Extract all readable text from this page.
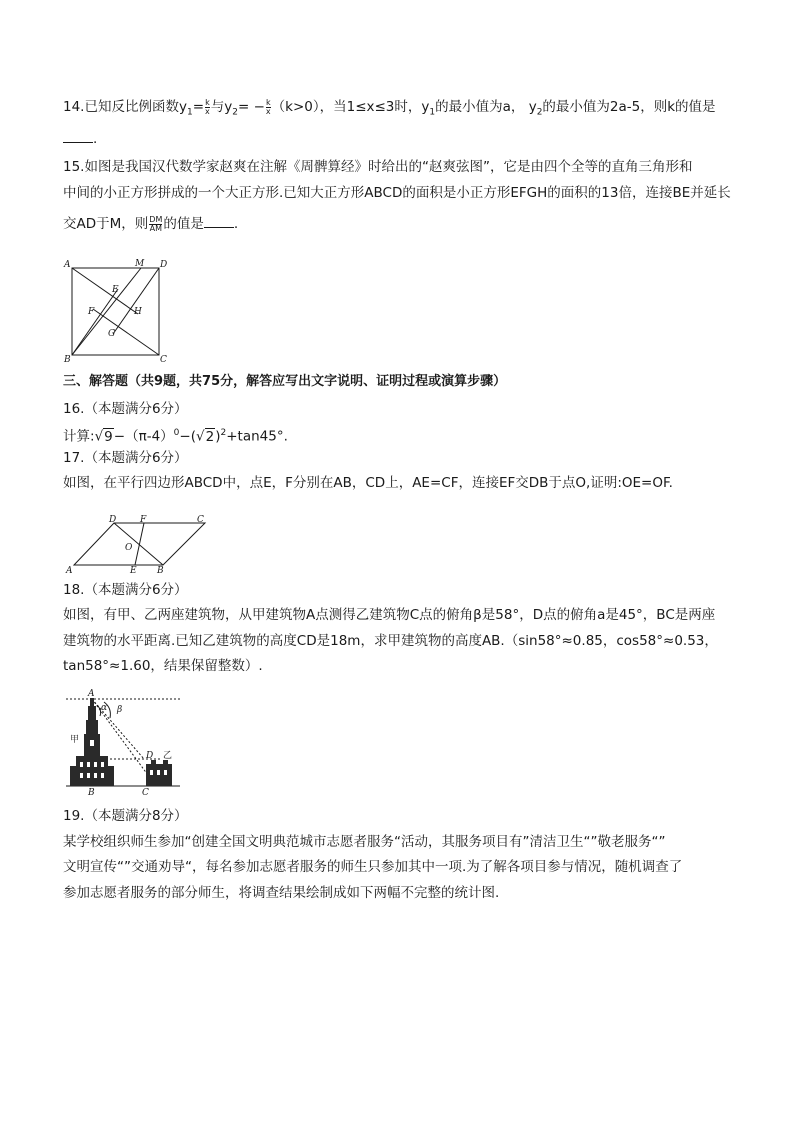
14.已知反比例函数$y_1= \frac{k}{x}$ 与$y_2= - \frac{k}{x} (k>0)$，当1≤x≤3时，$y_1$的最小值为a， $y_2$的最小值为2a-5，则k的值是
.
15.如图是我国汉代数学家赵爽在注解《周髀算经》时给出的“赵爽弦图”，它是由四个全等的直角三角形和
中间的小正方形拼成的一个大正方形.已知大正方形ABCD的面积是小正方形EFGH的面积的13倍，连接BE并延长
交AD于M，则 $\frac{DM}{AM}$ 的值是 .
A	M D
E
F	H
G
B	C
三、解答题（共9题，共75分，解答应写出文字说明、证明过程或演算步骤）
16.（本题满分6分）
计算$:√9-(\pi-4)^0-(√2)^2+\tan 45^\circ$.
17.（本题满分6分）
如图，在平行四边形ABCD中，点E，F分别在AB，CD上，AE=CF，连接EF交DB于点O,证明:OE=OF.
D	F	C
O
A	E B
18.（本题满分6分）
如图，有甲、乙两座建筑物，从甲建筑物A点测得乙建筑物C点的俯角β是58°，D点的俯角a是45°，BC是两座
建筑物的水平距离.已知乙建筑物的高度CD是18m，求甲建筑物的高度AB.（sin58°≈0.85，cos58°≈0.53，
tan58°≈1.60，结果保留整数）.
A
α β
甲
D 乙
B	C
19.（本题满分8分）
某学校组织师生参加“创建全国文明典范城市志愿者服务“活动，其服务项目有”清洁卫生“”敬老服务“”
文明宣传“”交通劝导“，每名参加志愿者服务的师生只参加其中一项.为了解各项目参与情况，随机调查了
参加志愿者服务的部分师生，将调查结果绘制成如下两幅不完整的统计图.
